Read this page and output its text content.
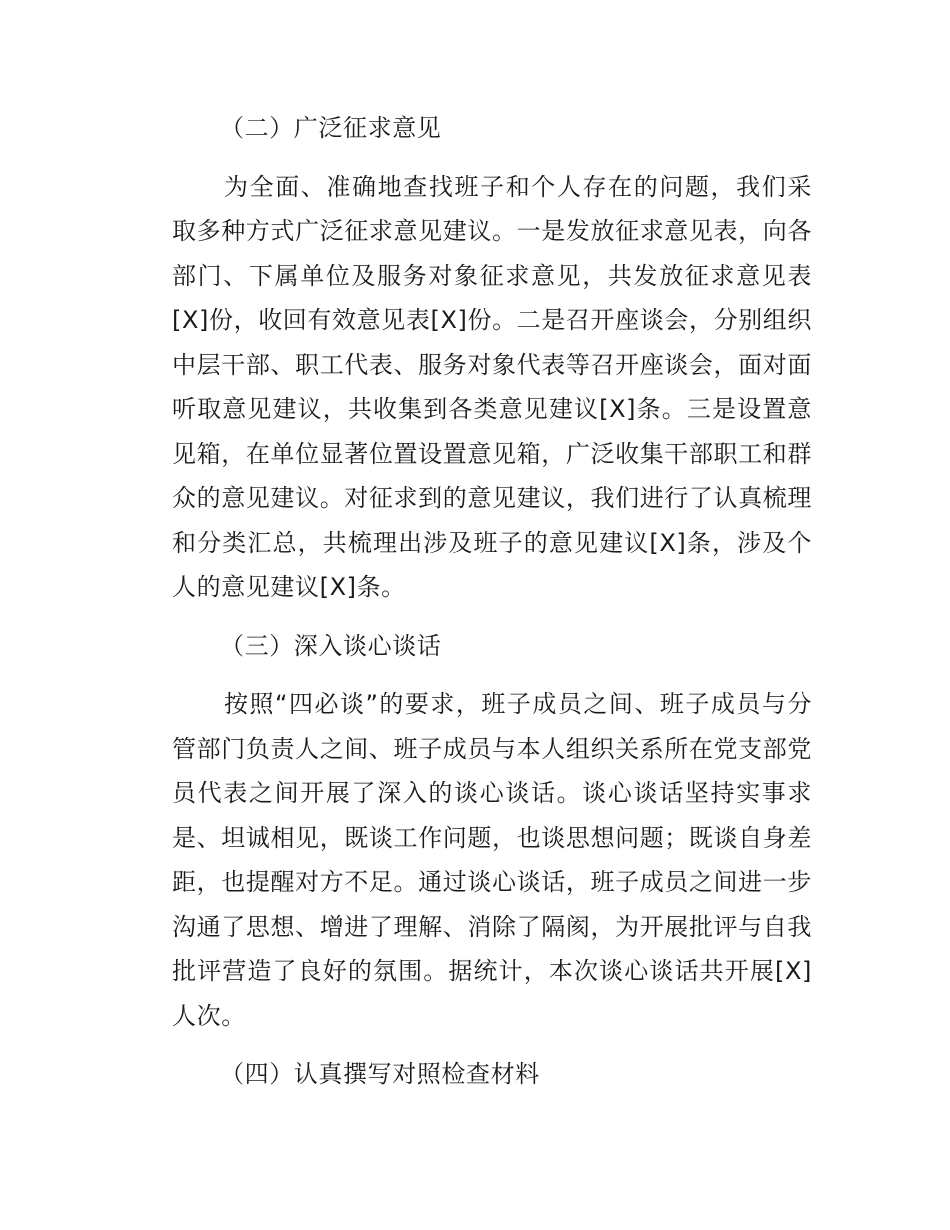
（二）广泛征求意见

为全面、准确地查找班子和个人存在的问题，我们采取多种方式广泛征求意见建议。一是发放征求意见表，向各部门、下属单位及服务对象征求意见，共发放征求意见表[X]份，收回有效意见表[X]份。二是召开座谈会，分别组织中层干部、职工代表、服务对象代表等召开座谈会，面对面听取意见建议，共收集到各类意见建议[X]条。三是设置意见箱，在单位显著位置设置意见箱，广泛收集干部职工和群众的意见建议。对征求到的意见建议，我们进行了认真梳理和分类汇总，共梳理出涉及班子的意见建议[X]条，涉及个人的意见建议[X]条。

（三）深入谈心谈话

按照“四必谈”的要求，班子成员之间、班子成员与分管部门负责人之间、班子成员与本人组织关系所在党支部党员代表之间开展了深入的谈心谈话。谈心谈话坚持实事求是、坦诚相见，既谈工作问题，也谈思想问题；既谈自身差距，也提醒对方不足。通过谈心谈话，班子成员之间进一步沟通了思想、增进了理解、消除了隔阂，为开展批评与自我批评营造了良好的氛围。据统计，本次谈心谈话共开展[X]人次。

（四）认真撰写对照检查材料
